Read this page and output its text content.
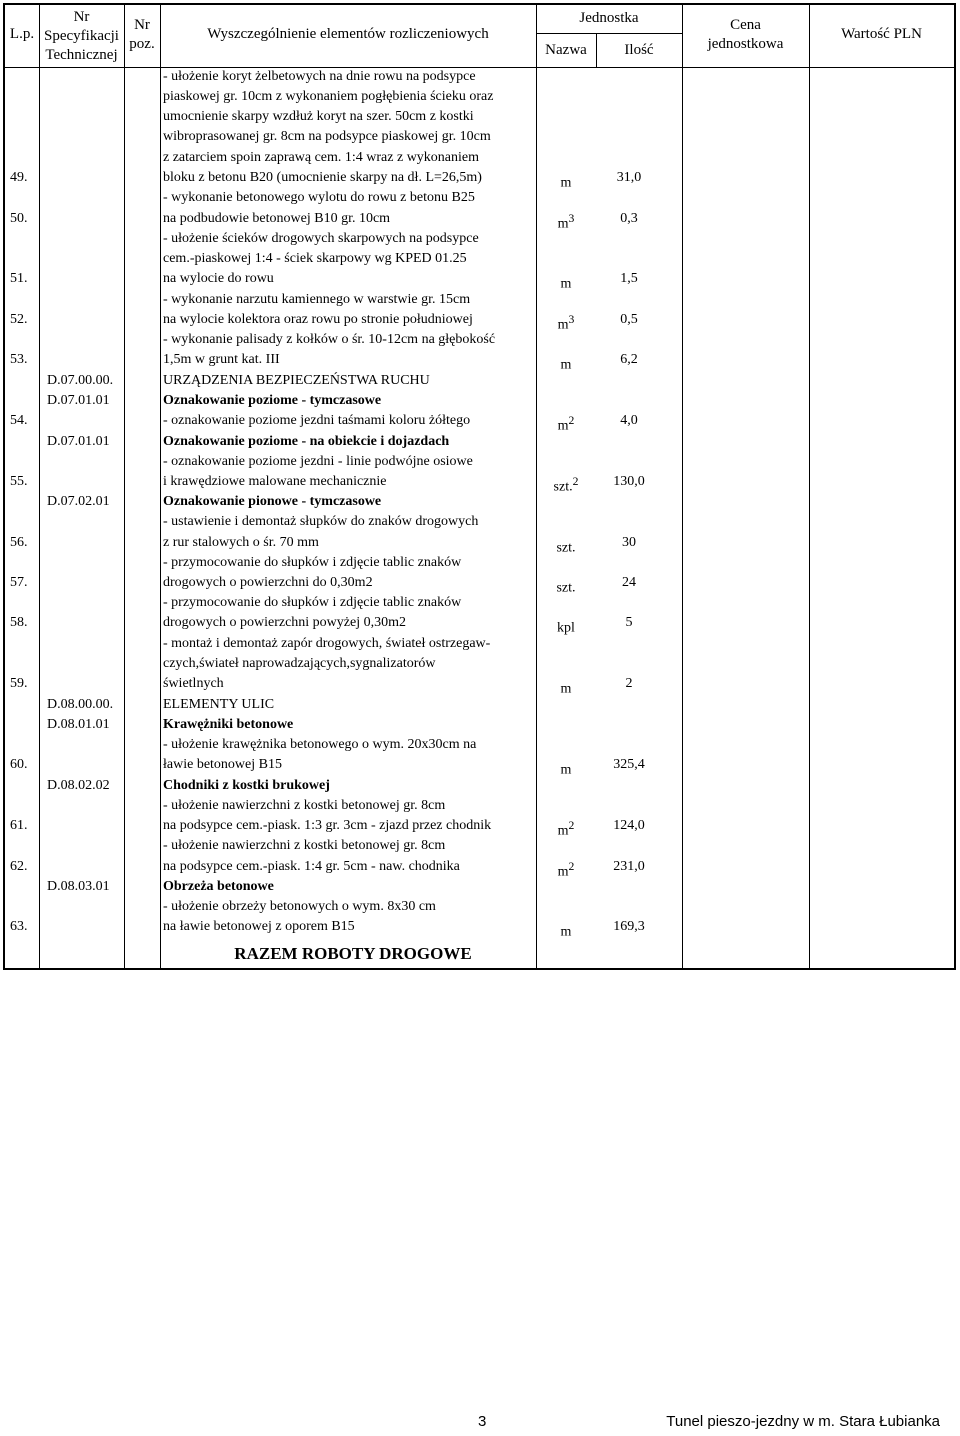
L.p.
Nr
Specyfikacji
Technicznej
Nr
poz.
Wyszczególnienie elementów rozliczeniowych
Jednostka
Nazwa	Ilość
Cena
jednostkowa
Wartość PLN
- ułożenie koryt żelbetowych na dnie rowu na podsypce
piaskowej gr. 10cm z wykonaniem pogłębienia ścieku oraz
umocnienie skarpy wzdłuż koryt na szer. 50cm z kostki
wibroprasowanej gr. 8cm na podsypce piaskowej gr. 10cm
z zatarciem spoin zaprawą cem. 1:4 wraz z wykonaniem
bloku z betonu B20 (umocnienie skarpy na dł. L=26,5m)
- wykonanie betonowego wylotu do rowu z betonu B25
na podbudowie betonowej B10 gr. 10cm
- ułożenie ścieków drogowych skarpowych na podsypce
cem.-piaskowej 1:4 - ściek skarpowy wg KPED 01.25
na wylocie do rowu
- wykonanie narzutu kamiennego w warstwie gr. 15cm
na wylocie kolektora oraz rowu po stronie południowej
- wykonanie palisady z kołków o śr. 10-12cm na głębokość
1,5m w grunt kat. III
URZĄDZENIA BEZPIECZEŃSTWA RUCHU
Oznakowanie poziome - tymczasowe
- oznakowanie poziome jezdni taśmami koloru żółtego
Oznakowanie poziome - na obiekcie i dojazdach
- oznakowanie poziome jezdni - linie podwójne osiowe
i krawędziowe malowane mechanicznie
Oznakowanie pionowe - tymczasowe
- ustawienie i demontaż słupków do znaków drogowych
z rur stalowych o śr. 70 mm
- przymocowanie do słupków i zdjęcie tablic znaków
drogowych o powierzchni do 0,30m2
- przymocowanie do słupków i zdjęcie tablic znaków
drogowych o powierzchni powyżej 0,30m2
- montaż i demontaż zapór drogowych, świateł ostrzegaw-
czych,świateł naprowadzających,sygnalizatorów
świetlnych
ELEMENTY ULIC
Krawężniki betonowe
- ułożenie krawężnika betonowego o wym. 20x30cm na
ławie betonowej B15
Chodniki z kostki brukowej
- ułożenie nawierzchni z kostki betonowej gr. 8cm
na podsypce cem.-piask. 1:3 gr. 3cm - zjazd przez chodnik
- ułożenie nawierzchni z kostki betonowej gr. 8cm
na podsypce cem.-piask. 1:4 gr. 5cm - naw. chodnika
Obrzeża betonowe
- ułożenie obrzeży betonowych o wym. 8x30 cm
na ławie betonowej z oporem B15
49.
50.
51.
52.
53.
54.
55.
56.
57.
58.
59.
60.
61.
62.
63.
D.07.00.00.
D.07.01.01
D.07.01.01
D.07.02.01
D.08.00.00.
D.08.01.01
D.08.02.02
D.08.03.01
m
$m^3$
m
$m^3$
m
$m^2$
szt.$^2$
szt.
szt.
kpl
m
m
$m^2$
$m^2$
m
31,0
0,3
1,5
0,5
6,2
4,0
130,0
30
24
5
2
325,4
124,0
231,0
169,3
RAZEM ROBOTY DROGOWE
3	Tunel pieszo-jezdny w m. Stara Łubianka
